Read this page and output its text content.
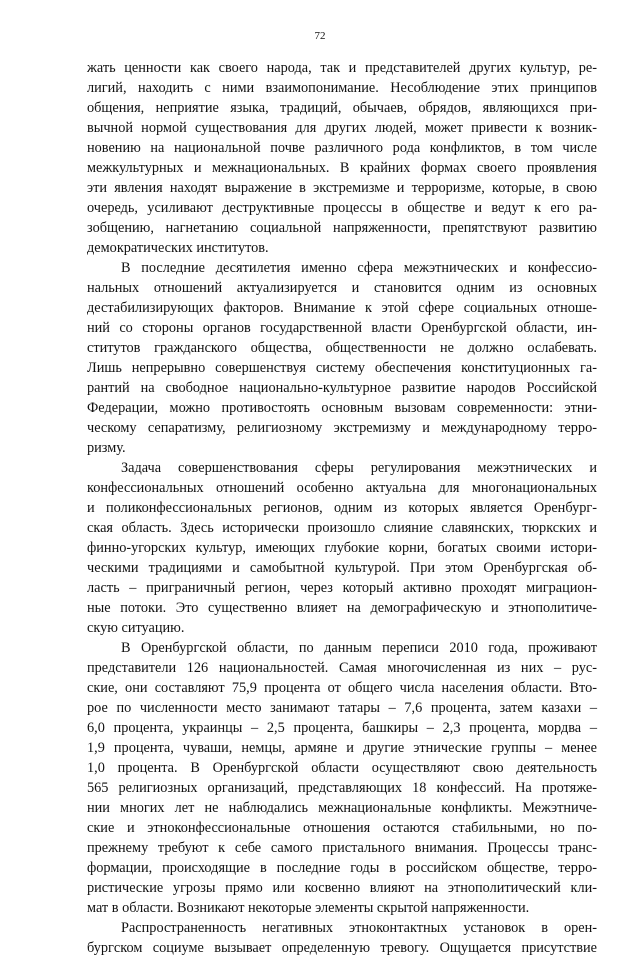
72
жать ценности как своего народа, так и представителей других культур, ре-
лигий, находить с ними взаимопонимание. Несоблюдение этих принципов
общения, неприятие языка, традиций, обычаев, обрядов, являющихся при-
вычной нормой существования для других людей, может привести к возник-
новению на национальной почве различного рода конфликтов, в том числе
межкультурных и межнациональных. В крайних формах своего проявления
эти явления находят выражение в экстремизме и терроризме, которые, в свою
очередь, усиливают деструктивные процессы в обществе и ведут к его ра-
зобщению, нагнетанию социальной напряженности, препятствуют развитию
демократических институтов.
В последние десятилетия именно сфера межэтнических и конфессио-
нальных отношений актуализируется и становится одним из основных
дестабилизирующих факторов. Внимание к этой сфере социальных отноше-
ний со стороны органов государственной власти Оренбургской области, ин-
ститутов гражданского общества, общественности не должно ослабевать.
Лишь непрерывно совершенствуя систему обеспечения конституционных га-
рантий на свободное национально-культурное развитие народов Российской
Федерации, можно противостоять основным вызовам современности: этни-
ческому сепаратизму, религиозному экстремизму и международному терро-
ризму.
Задача совершенствования сферы регулирования межэтнических и
конфессиональных отношений особенно актуальна для многонациональных
и поликонфессиональных регионов, одним из которых является Оренбург-
ская область. Здесь исторически произошло слияние славянских, тюркских и
финно-угорских культур, имеющих глубокие корни, богатых своими истори-
ческими традициями и самобытной культурой. При этом Оренбургская об-
ласть – приграничный регион, через который активно проходят миграцион-
ные потоки. Это существенно влияет на демографическую и этнополитиче-
скую ситуацию.
В Оренбургской области, по данным переписи 2010 года, проживают
представители 126 национальностей. Самая многочисленная из них – рус-
ские, они составляют 75,9 процента от общего числа населения области. Вто-
рое по численности место занимают татары – 7,6 процента, затем казахи –
6,0 процента, украинцы – 2,5 процента, башкиры – 2,3 процента, мордва –
1,9 процента, чуваши, немцы, армяне и другие этнические группы – менее
1,0 процента. В Оренбургской области осуществляют свою деятельность
565 религиозных организаций, представляющих 18 конфессий. На протяже-
нии многих лет не наблюдались межнациональные конфликты. Межэтниче-
ские и этноконфессиональные отношения остаются стабильными, но по-
прежнему требуют к себе самого пристального внимания. Процессы транс-
формации, происходящие в последние годы в российском обществе, терро-
ристические угрозы прямо или косвенно влияют на этнополитический кли-
мат в области. Возникают некоторые элементы скрытой напряженности.
Распространенность негативных этноконтактных установок в орен-
бургском социуме вызывает определенную тревогу. Ощущается присутствие
